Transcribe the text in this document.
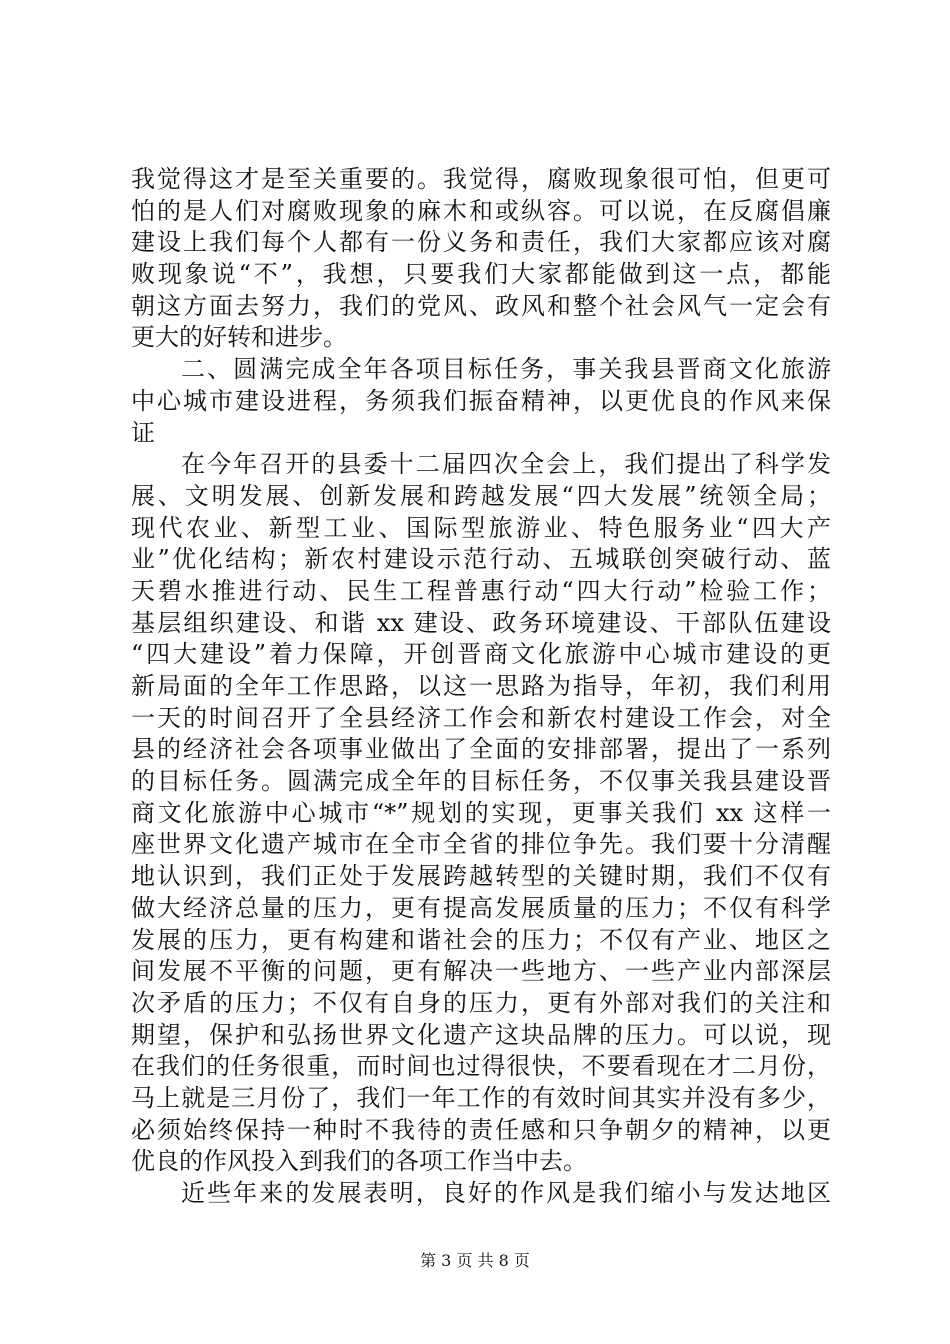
我觉得这才是至关重要的。我觉得，腐败现象很可怕，但更可
怕的是人们对腐败现象的麻木和或纵容。可以说，在反腐倡廉
建设上我们每个人都有一份义务和责任，我们大家都应该对腐
败现象说“不”，我想，只要我们大家都能做到这一点，都能
朝这方面去努力，我们的党风、政风和整个社会风气一定会有
更大的好转和进步。
二、圆满完成全年各项目标任务，事关我县晋商文化旅游
中心城市建设进程，务须我们振奋精神，以更优良的作风来保
证
在今年召开的县委十二届四次全会上，我们提出了科学发
展、文明发展、创新发展和跨越发展“四大发展”统领全局；
现代农业、新型工业、国际型旅游业、特色服务业“四大产
业”优化结构；新农村建设示范行动、五城联创突破行动、蓝
天碧水推进行动、民生工程普惠行动“四大行动”检验工作；
基层组织建设、和谐 xx 建设、政务环境建设、干部队伍建设
“四大建设”着力保障，开创晋商文化旅游中心城市建设的更
新局面的全年工作思路，以这一思路为指导，年初，我们利用
一天的时间召开了全县经济工作会和新农村建设工作会，对全
县的经济社会各项事业做出了全面的安排部署，提出了一系列
的目标任务。圆满完成全年的目标任务，不仅事关我县建设晋
商文化旅游中心城市“*”规划的实现，更事关我们 xx 这样一
座世界文化遗产城市在全市全省的排位争先。我们要十分清醒
地认识到，我们正处于发展跨越转型的关键时期，我们不仅有
做大经济总量的压力，更有提高发展质量的压力；不仅有科学
发展的压力，更有构建和谐社会的压力；不仅有产业、地区之
间发展不平衡的问题，更有解决一些地方、一些产业内部深层
次矛盾的压力；不仅有自身的压力，更有外部对我们的关注和
期望，保护和弘扬世界文化遗产这块品牌的压力。可以说，现
在我们的任务很重，而时间也过得很快，不要看现在才二月份，
马上就是三月份了，我们一年工作的有效时间其实并没有多少，
必须始终保持一种时不我待的责任感和只争朝夕的精神，以更
优良的作风投入到我们的各项工作当中去。
近些年来的发展表明，良好的作风是我们缩小与发达地区
第 3 页 共 8 页
